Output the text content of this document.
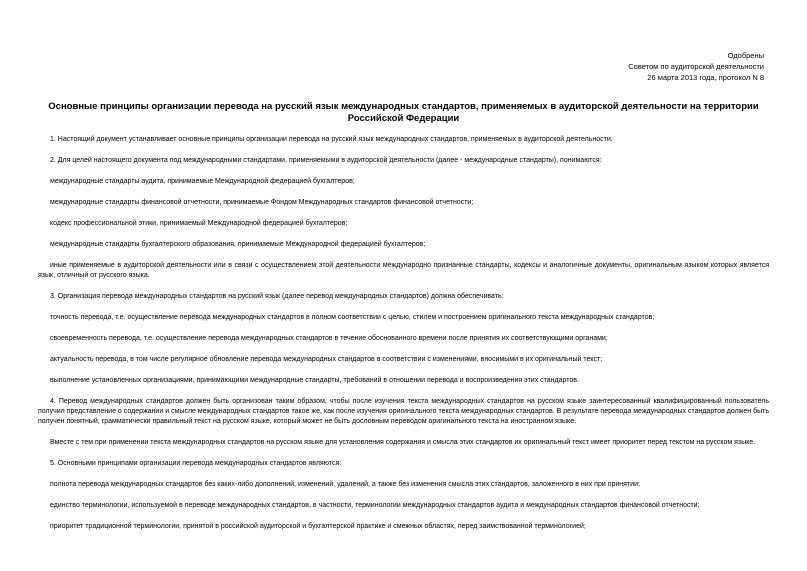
Одобрены
Советом по аудиторской деятельности
26 марта 2013 года, протокол N 8
Основные принципы организации перевода на русский язык международных стандартов, применяемых в аудиторской деятельности на территории Российской Федерации

1. Настоящий документ устанавливает основные принципы организации перевода на русский язык международных стандартов, применяемых в аудиторской деятельности.

2. Для целей настоящего документа под международными стандартами, применяемыми в аудиторской деятельности (далее - международные стандарты), понимаются:

международные стандарты аудита, принимаемые Международной федерацией бухгалтеров;

международные стандарты финансовой отчетности, принимаемые Фондом Международных стандартов финансовой отчетности;

кодекс профессиональной этики, принимаемый Международной федерацией бухгалтеров;

международные стандарты бухгалтерского образования, принимаемые Международной федерацией бухгалтеров;

иные применяемые в аудиторской деятельности или в связи с осуществлением этой деятельности международно признанные стандарты, кодексы и аналогичные документы, оригинальным языком которых является язык, отличный от русского языка.

3. Организация перевода международных стандартов на русский язык (далее перевод международных стандартов) должна обеспечивать:

точность перевода, т.е. осуществление перевода международных стандартов в полном соответствии с целью, стилем и построением оригинального текста международных стандартов;

своевременность перевода, т.е. осуществление перевода международных стандартов в течение обоснованного времени после принятия их соответствующими органами;

актуальность перевода, в том числе регулярное обновление перевода международных стандартов в соответствии с изменениями, вносимыми в их оригинальный текст;

выполнение установленных организациями, принимающими международные стандарты, требований в отношении перевода и воспроизведения этих стандартов.

4. Перевод международных стандартов должен быть организован таким образом, чтобы после изучения текста международных стандартов на русском языке заинтересованный квалифицированный пользователь получил представление о содержании и смысле международных стандартов такое же, как после изучения оригинального текста международных стандартов. В результате перевода международных стандартов должен быть получен понятный, грамматически правильный текст на русском языке, который может не быть дословным переводом оригинального текста на иностранном языке.

Вместе с тем при применении текста международных стандартов на русском языке для установления содержания и смысла этих стандартов их оригинальный текст имеет приоритет перед текстом на русском языке.

5. Основными принципами организации перевода международных стандартов являются:

полнота перевода международных стандартов без каких-либо дополнений, изменений, удалений, а также без изменения смысла этих стандартов, заложенного в них при принятии;

единство терминологии, используемой в переводе международных стандартов, в частности, терминологии международных стандартов аудита и международных стандартов финансовой отчетности;

приоритет традиционной терминологии, принятой в российской аудиторской и бухгалтерской практике и смежных областях, перед заимствованной терминологией;
